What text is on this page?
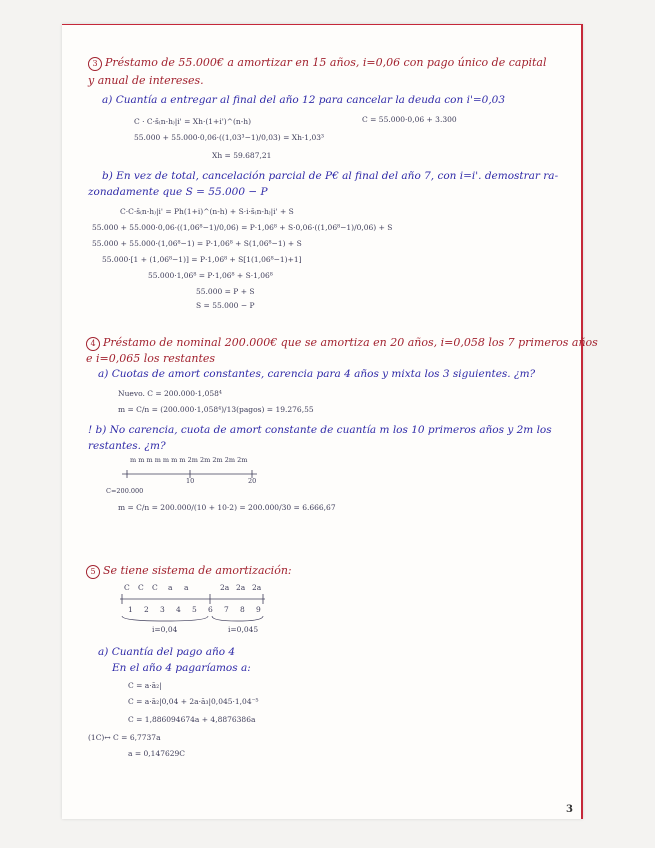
3 Préstamo de 55.000€ a amortizar en 15 años, i=0,06 con pago único de capital
y anual de intereses.
a) Cuantía a entregar al final del año 12 para cancelar la deuda con i'=0,03
C · C·s̄₍n-h₎|i' = Xh·(1+i')^(n-h)	C = 55.000·0,06 + 3.300
55.000 + 55.000·0,06·((1,03³−1)/0,03) = Xh·1,03³
Xh = 59.687,21
b) En vez de total, cancelación parcial de P€ al final del año 7, con i=i'. demostrar ra-
zonadamente que S = 55.000 − P
C·C·s̄₍n-h₎|i' = Ph(1+i)^(n-h) + S·i·s̄₍n-h₎|i' + S
55.000 + 55.000·0,06·((1,06⁸−1)/0,06) = P·1,06⁸ + S·0,06·((1,06⁸−1)/0,06) + S
55.000 + 55.000·(1,06⁸−1) = P·1,06⁸ + S(1,06⁸−1) + S
55.000·[1 + (1,06⁸−1)] = P·1,06⁸ + S[1(1,06⁸−1)+1]
55.000·1,06⁸ = P·1,06⁸ + S·1,06⁸
55.000 = P + S
S = 55.000 − P
4 Préstamo de nominal 200.000€ que se amortiza en 20 años, i=0,058 los 7 primeros años
e i=0,065 los restantes
a) Cuotas de amort constantes, carencia para 4 años y mixta los 3 siguientes. ¿m?
Nuevo. C = 200.000·1,058⁴
m = C/n = (200.000·1,058⁴)/13(pagos) = 19.276,55
! b) No carencia, cuota de amort constante de cuantía m los 10 primeros años y 2m los
restantes. ¿m?
m m m m m m m 2m 2m 2m 2m 2m
10	20
C=200.000
m = C/n = 200.000/(10 + 10·2) = 200.000/30 = 6.666,67
5 Se tiene sistema de amortización:
C C C a a	2a 2a 2a
1 2 3 4 5 6 7 8 9
i=0,04	i=0,045
a) Cuantía del pago año 4
En el año 4 pagaríamos a:
C = a·ā₂|
C = a·ā₂|0,04 + 2a·ā₃|0,045·1,04⁻⁵
C = 1,886094674a + 4,8876386a
(1C)↔ C = 6,7737a
a = 0,147629C
3
